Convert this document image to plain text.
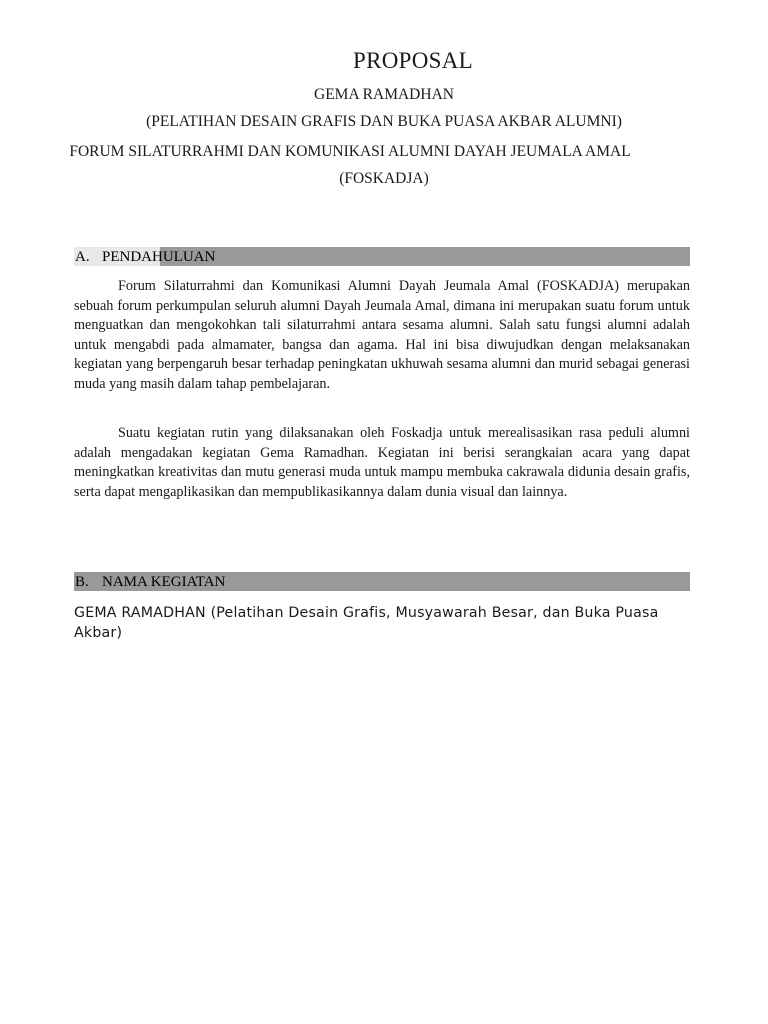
PROPOSAL

GEMA RAMADHAN

(PELATIHAN DESAIN GRAFIS DAN BUKA PUASA AKBAR ALUMNI)

FORUM SILATURRAHMI DAN KOMUNIKASI ALUMNI DAYAH JEUMALA AMAL

(FOSKADJA)

A. PENDAHULUAN

Forum Silaturrahmi dan Komunikasi Alumni Dayah Jeumala Amal (FOSKADJA) merupakan sebuah forum perkumpulan seluruh alumni Dayah Jeumala Amal, dimana ini merupakan suatu forum untuk menguatkan dan mengokohkan tali silaturrahmi antara sesama alumni. Salah satu fungsi alumni adalah untuk mengabdi pada almamater, bangsa dan agama. Hal ini bisa diwujudkan dengan melaksanakan kegiatan yang berpengaruh besar terhadap peningkatan ukhuwah sesama alumni dan murid sebagai generasi muda yang masih dalam tahap pembelajaran.

Suatu kegiatan rutin yang dilaksanakan oleh Foskadja untuk merealisasikan rasa peduli alumni adalah mengadakan kegiatan Gema Ramadhan. Kegiatan ini berisi serangkaian acara yang dapat meningkatkan kreativitas dan mutu generasi muda untuk mampu membuka cakrawala didunia desain grafis, serta dapat mengaplikasikan dan mempublikasikannya dalam dunia visual dan lainnya.

B. NAMA KEGIATAN

GEMA RAMADHAN (Pelatihan Desain Grafis, Musyawarah Besar, dan Buka Puasa Akbar)
